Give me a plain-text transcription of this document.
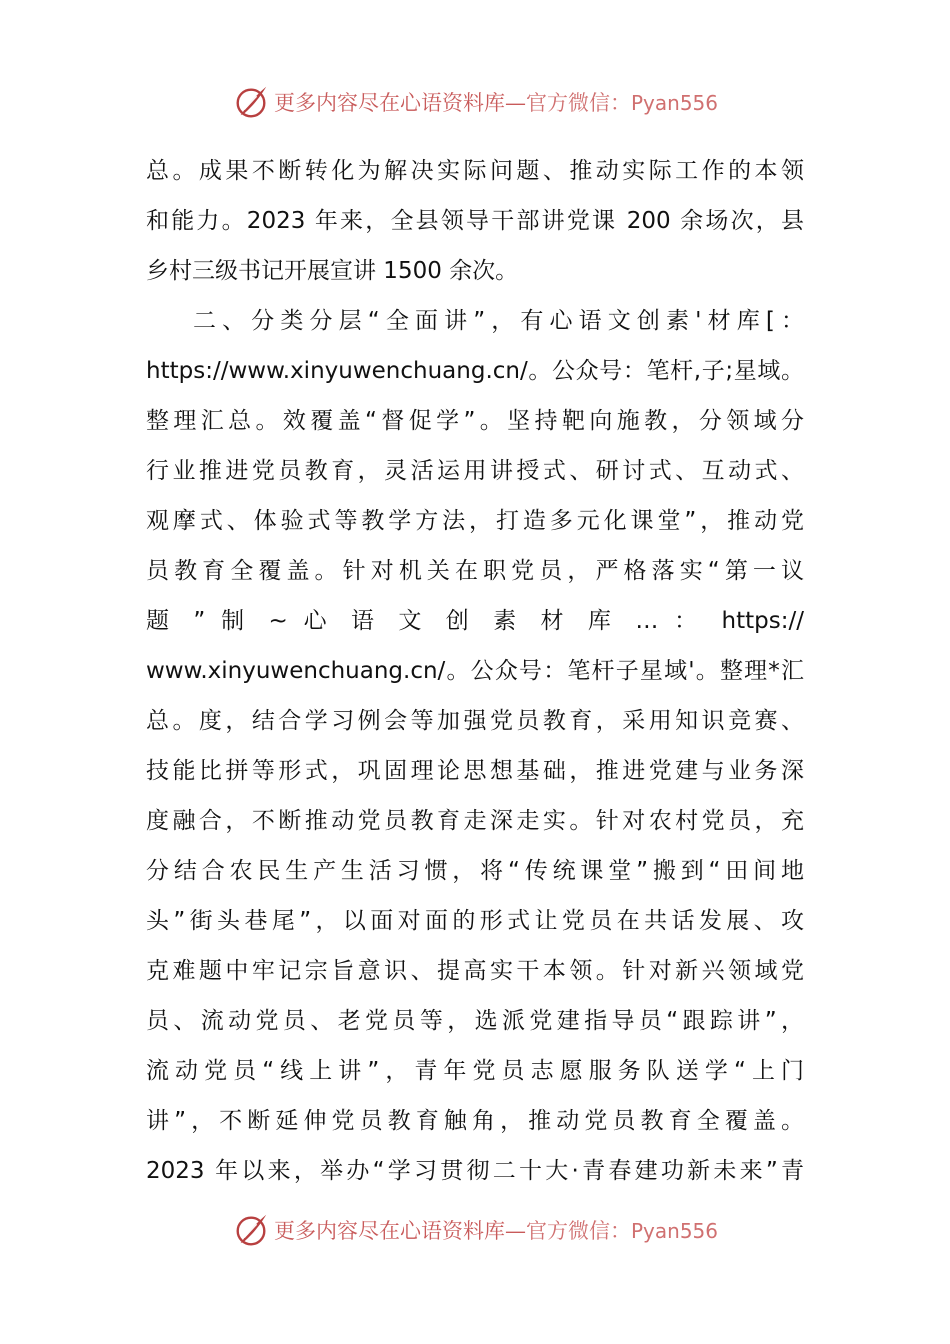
更多内容尽在心语资料库—官方微信：Pyan556
总。成果不断转化为解决实际问题、推动实际工作的本领
和能力。2023 年来，全县领导干部讲党课 200 余场次，县
乡村三级书记开展宣讲 1500 余次。
二、分类分层“全面讲”，有心语文创素'材库[：
https://www.xinyuwenchuang.cn/。公众号：笔杆,子;星域。
整理汇总。效覆盖“督促学”。坚持靶向施教，分领域分
行业推进党员教育，灵活运用讲授式、研讨式、互动式、
观摩式、体验式等教学方法，打造多元化课堂”，推动党
员教育全覆盖。针对机关在职党员，严格落实“第一议
题 ” 制 ~ 心 语 文 创 素 材 库 … ： https://
www.xinyuwenchuang.cn/。公众号：笔杆子星域'。整理*汇
总。度，结合学习例会等加强党员教育，采用知识竞赛、
技能比拼等形式，巩固理论思想基础，推进党建与业务深
度融合，不断推动党员教育走深走实。针对农村党员，充
分结合农民生产生活习惯，将“传统课堂”搬到“田间地
头”街头巷尾”，以面对面的形式让党员在共话发展、攻
克难题中牢记宗旨意识、提高实干本领。针对新兴领域党
员、流动党员、老党员等，选派党建指导员“跟踪讲”，
流动党员“线上讲”，青年党员志愿服务队送学“上门
讲”，不断延伸党员教育触角，推动党员教育全覆盖。
2023 年以来，举办“学习贯彻二十大·青春建功新未来”青
更多内容尽在心语资料库—官方微信：Pyan556
